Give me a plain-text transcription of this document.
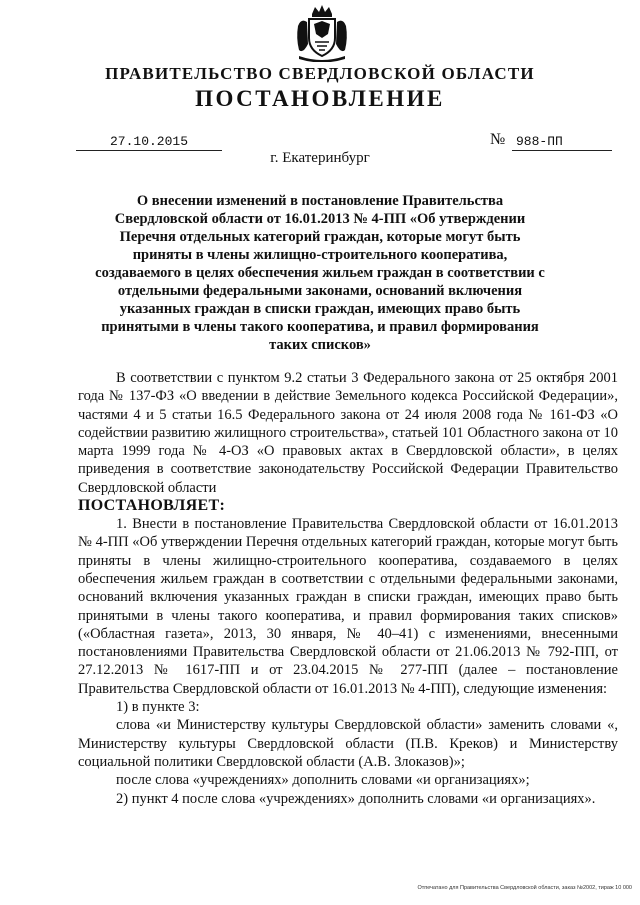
ПРАВИТЕЛЬСТВО СВЕРДЛОВСКОЙ ОБЛАСТИ
ПОСТАНОВЛЕНИЕ
27.10.2015	№ 988-ПП
г. Екатеринбург
О внесении изменений в постановление Правительства Свердловской области от 16.01.2013 № 4-ПП «Об утверждении Перечня отдельных категорий граждан, которые могут быть приняты в члены жилищно-строительного кооператива, создаваемого в целях обеспечения жильем граждан в соответствии с отдельными федеральными законами, оснований включения указанных граждан в списки граждан, имеющих право быть принятыми в члены такого кооператива, и правил формирования таких списков»

В соответствии с пунктом 9.2 статьи 3 Федерального закона от 25 октября 2001 года № 137-ФЗ «О введении в действие Земельного кодекса Российской Федерации», частями 4 и 5 статьи 16.5 Федерального закона от 24 июля 2008 года № 161-ФЗ «О содействии развитию жилищного строительства», статьей 101 Областного закона от 10 марта 1999 года № 4-ОЗ «О правовых актах в Свердловской области», в целях приведения в соответствие законодательству Российской Федерации Правительство Свердловской области

ПОСТАНОВЛЯЕТ:

1. Внести в постановление Правительства Свердловской области от 16.01.2013 № 4-ПП «Об утверждении Перечня отдельных категорий граждан, которые могут быть приняты в члены жилищно-строительного кооператива, создаваемого в целях обеспечения жильем граждан в соответствии с отдельными федеральными законами, оснований включения указанных граждан в списки граждан, имеющих право быть принятыми в члены такого кооператива, и правил формирования таких списков» («Областная газета», 2013, 30 января, № 40–41) с изменениями, внесенными постановлениями Правительства Свердловской области от 21.06.2013 № 792-ПП, от 27.12.2013 № 1617-ПП и от 23.04.2015 № 277-ПП (далее – постановление Правительства Свердловской области от 16.01.2013 № 4-ПП), следующие изменения:

1) в пункте 3:

слова «и Министерству культуры Свердловской области» заменить словами «, Министерству культуры Свердловской области (П.В. Креков) и Министерству социальной политики Свердловской области (А.В. Злоказов)»;

после слова «учреждениях» дополнить словами «и организациях»;

2) пункт 4 после слова «учреждениях» дополнить словами «и организациях».

Отпечатано для Правительства Свердловской области, заказ №2002, тираж 10 000
